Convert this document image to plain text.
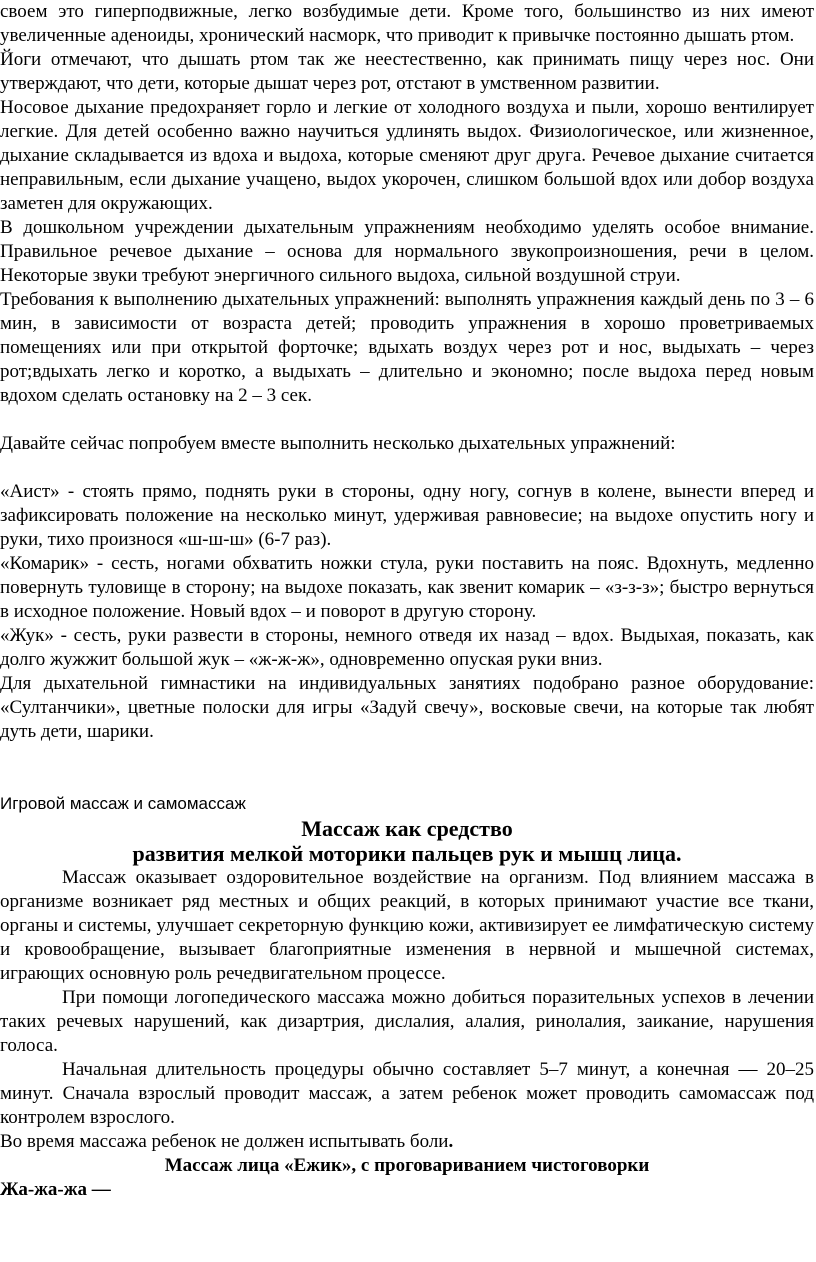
своем это гиперподвижные, легко возбудимые дети. Кроме того, большинство из них имеют увеличенные аденоиды, хронический насморк, что приводит к привычке постоянно дышать ртом.

Йоги отмечают, что дышать ртом так же неестественно, как принимать пищу через нос. Они утверждают, что дети, которые дышат через рот, отстают в умственном развитии.

Носовое дыхание предохраняет горло и легкие от холодного воздуха и пыли, хорошо вентилирует легкие. Для детей особенно важно научиться удлинять выдох. Физиологическое, или жизненное, дыхание складывается из вдоха и выдоха, которые сменяют друг друга. Речевое дыхание считается неправильным, если дыхание учащено, выдох укорочен, слишком большой вдох или добор воздуха заметен для окружающих.

В дошкольном учреждении дыхательным упражнениям необходимо уделять особое внимание. Правильное речевое дыхание – основа для нормального звукопроизношения, речи в целом. Некоторые звуки требуют энергичного сильного выдоха, сильной воздушной струи.

Требования к выполнению дыхательных упражнений: выполнять упражнения каждый день по 3 – 6 мин, в зависимости от возраста детей; проводить упражнения в хорошо проветриваемых помещениях или при открытой форточке; вдыхать воздух через рот и нос, выдыхать – через рот;вдыхать легко и коротко, а выдыхать – длительно и экономно; после выдоха перед новым вдохом сделать остановку на 2 – 3 сек.

Давайте сейчас попробуем вместе выполнить несколько дыхательных упражнений:

«Аист» - стоять прямо, поднять руки в стороны, одну ногу, согнув в колене, вынести вперед и зафиксировать положение на несколько минут, удерживая равновесие; на выдохе опустить ногу и руки, тихо произнося «ш-ш-ш» (6-7 раз).

«Комарик» - сесть, ногами обхватить ножки стула, руки поставить на пояс. Вдохнуть, медленно повернуть туловище в сторону; на выдохе показать, как звенит комарик – «з-з-з»; быстро вернуться в исходное положение. Новый вдох – и поворот в другую сторону.

«Жук» - сесть, руки развести в стороны, немного отведя их назад – вдох. Выдыхая, показать, как долго жужжит большой жук – «ж-ж-ж», одновременно опуская руки вниз.

Для дыхательной гимнастики на индивидуальных занятиях подобрано разное оборудование: «Султанчики», цветные полоски для игры «Задуй свечу», восковые свечи, на которые так любят дуть дети, шарики.

Игровой массаж и самомассаж

Массаж как средство
развития мелкой моторики пальцев рук и мышц лица.

Массаж оказывает оздоровительное воздействие на организм. Под влиянием массажа в организме возникает ряд местных и общих реакций, в которых принимают участие все ткани, органы и системы, улучшает секреторную функцию кожи, активизирует ее лимфатическую систему и кровообращение, вызывает благоприятные изменения в нервной и мышечной системах, играющих основную роль речедвигательном процессе.

При помощи логопедического массажа можно добиться поразительных успехов в лечении таких речевых нарушений, как дизартрия, дислалия, алалия, ринолалия, заикание, нарушения голоса.

Начальная длительность процедуры обычно составляет 5–7 минут, а конечная — 20–25 минут. Сначала взрослый проводит массаж, а затем ребенок может проводить самомассаж под контролем взрослого.

Во время массажа ребенок не должен испытывать боли.

Массаж лица «Ежик», с проговариванием чистоговорки
Жа-жа-жа —
